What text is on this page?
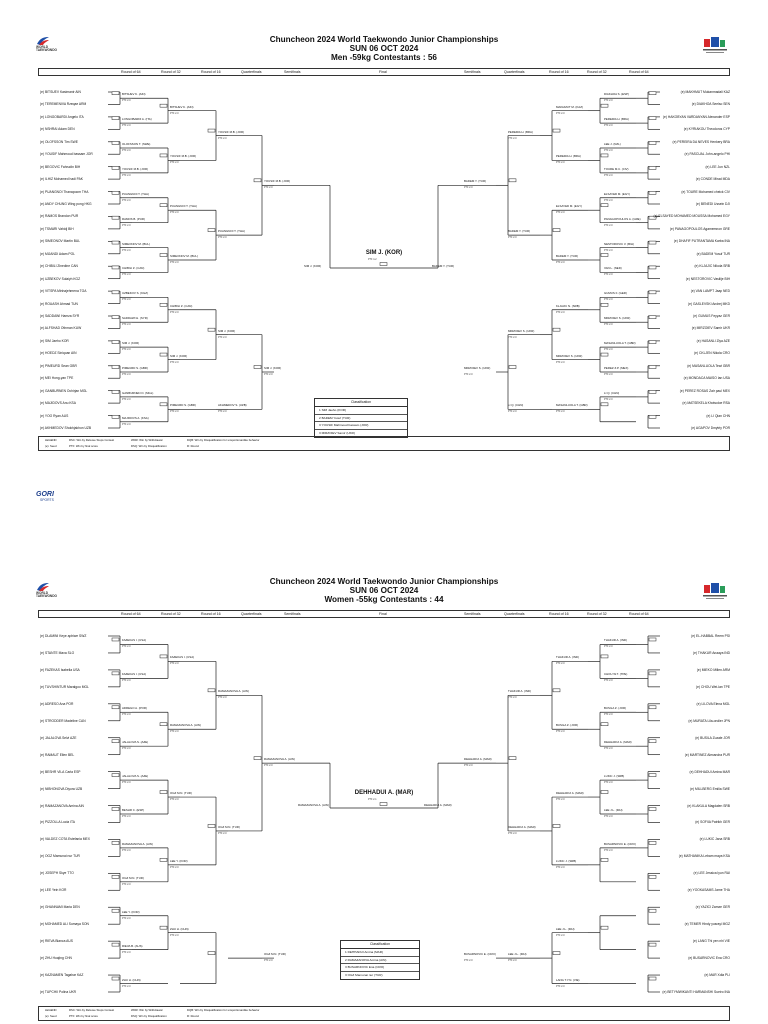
WORLD
TAEKWONDO
Chuncheon 2024 World Taekwondo Junior Championships
SUN 06 OCT 2024
Men -59kg Contestants : 56
Round of 64	Round of 32	Round of 16	Quarterfinals	Semifinals	Final	Semifinals	Quarterfinals	Round of 16	Round of 32	Round of 64
(e) BITSUEV Kasimanir AIN
(e) TEREMENIVA Rzeqae ARM
(e) LONGOBARDI Angelo ITA
(e) NSHRAI Adam DEN
(e) OLOFSSON Tim SWE
(e) YOUSIF Mahmoud bassam JOR
(e) BEGOVIC Fahrudin BIH
(e) ILHIZ Mohamed hadi PAK
(e) PUANGNOI Thanapoom THA
(e) ANDY CHUNG Wing pong HKG
(e) RAMOS Brandon PUR
(e) TSMARI Vahidj BIH
(e) SIMEONOV Martin BUL
(e) MIJANDI Adam POL
(e) CHIBILI Zinedine CAN
(e) UZBEKOV Sulaiyh KGZ
(e) VITSPA Minhajehmena TGA
(e) ROUASH Ahmad TUN
(e) SADDAWI Hamza SYR
(e) ALFSHAD Othman KUW
(e) SIM Jaeho KOR
(e) HOEDZ Siniqoan AIN
(e) PIMEURD Sean GBR
(e) MEI Hong-yan TPE
(e) GANBURNEN Ochirjan MGL
(e) MAJIDOVS Anu KSA
(e) YOO Ryan AUS
(e) AKHMEDOV Shokhjakhon UZB
(e) MAKHMUT Mukanmadali KAZ
(e) DIAKHOA Seelso SEN
(e) HAKOBYAN VARDANYAN Alexander ESP
(e) KYRIAKOU Theodoros CYP
(e) PEREIRA DA NEVES Henkery BRA
(e) PASCUAL John-angelo PHI
(e) LEE Jun NZL
(e) CONDE Mirad MDA
(e) TOURE Mohamed cheick CIV
(e) BENEDI Ussein DJI
(e) ELSAYED MOHAMED MOUSSA Mohamed EGY
(e) PANAGOPOULOS Agamemnon GRE
(e) DHAFIF PUTRANTAMA Karba INA
(e) BADEM Yusuf TUR
(e) KLJAJIC Nikola SRB
(e) NESTOROVIC Vasilije BIH
(e) VAN LAMPT Jaap NED
(e) GASLEVSKI Andrej MKD
(e) GUMUS Feyyaz GER
(e) MIRZOIEV Samir UKR
(e) HASANLI Ziya AZE
(e) CKLJEN Nikola CRO
(e) MASANLUOLA Tewi GBR
(e) MONDACA MAISO Ian USA
(e) PEREZ ROSAS Zair paul MEX
(e) MATSEKELA Khotsoloe RSA
(e) LI Qian CHN
(e) AGAPOV Dmytriy POR
BITSUEV K. (AIN)
PTF 2-0
LONGOBARDI A. (ITA)
PTF 2-0
OLOFSSON T. (SWE)
PTF 2-0
YOUSIF M.B. (JOR)
PTF 2-0
PUANGNOI T. (THA)
PTF 2-0
RAMOS B. (PUR)
PTF 2-0
SIMEONOV M. (BUL)
PTF 2-0
CHIBILI Z. (CAN)
PTF 2-0
UZBEKOV S. (KGZ)
PTF 2-0
SADDAWI H. (SYR)
PTF 2-0
SIM J. (KOR)
PTF 2-0
PIMEURD S. (GBR)
PTF 2-0
GANBURNEN O. (MGL)
PTF 2-0
MAJIDOVS A. (KSA)
PTF 2-0
BITSUEV K. (AIN)
PTF 2-0
YOUSIF M.B. (JOR)
PTF 2-0
PUANGNOI T. (THA)
PTF 2-0
SIMEONOV M. (BUL)
PTF 2-0
CHIBILI Z. (CAN)
PTF 2-0
SIM J. (KOR)
PTF 2-0
PIMEURD S. (GBR)
PTF 2-0
YOUSIF M.B. (JOR)
PTF 2-0
PUANGNOI T. (THA)
PTF 2-0
SIM J. (KOR)
PTF 2-0
AKHMEDOV S. (UZB)
PTF 2-0
YOUSIF M.B. (JOR)
PTF 2-0
SIM J. (KOR)
PTF 2-0
DIAKHOA S. (ESP)
PTF 2-0
PEREIRA H. (BRA)
PTF 2-0
LEE J. (NZL)
PTF 2-0
TOURE M.C. (CIV)
PTF 2-0
ELSAYED M. (EGY)
PTF 2-0
PANAGOPOULOS A. (GRE)
PTF 2-0
NESTOROVIC V. (BIH)
PTF 2-0
VAN L. (NED)
PTF 2-0
GUMUS F. (GER)
PTF 2-0
MIRZOIEV S. (UKR)
PTF 2-0
MASANLUOLA T. (GBR)
PTF 2-0
PEREZ Z.P. (MEX)
PTF 2-0
LI Q. (CHN)
PTF 2-0
MAKHMUT M. (KAZ)
PTF 2-0
PEREIRA H. (BRA)
PTF 2-0
ELSAYED M. (EGY)
PTF 2-0
BADEM Y. (TUR)
PTF 2-0
KLJAJIC N. (SRB)
PTF 2-0
MIRZOIEV S. (UKR)
PTF 2-0
MASANLUOLA T. (GBR)
PTF 2-0
PEREIRA H. (BRA)
PTF 2-0
BADEM Y. (TUR)
PTF 2-0
MIRZOIEV S. (UKR)
PTF 2-0
LI Q. (CHN)
PTF 2-0
BADEM Y. (TUR)
PTF 2-0
MIRZOIEV S. (UKR)
PTF 2-0
SIM J. (KOR)
SIM J. (KOR)	BADEM Y. (TUR)
PTF 4-2
Classification
1 SIM Jaeho (KOR)
2 BADEM Yusuf (TUR)
3 YOUSIF Mahmoud bassam (JOR)
3 MIRZOIEV Samir (UKR)
LEGEND
(e): Seed
RSC: Win by Referee Stops Contest
PTF: Win by final score
WDR: Win by Withdrawal
DSQ: Win by Disqualification
DQB: Win by Disqualification for unsportsmanlike behavior
R: Round
GORI
SPORTS
WORLD
TAEKWONDO
Chuncheon 2024 World Taekwondo Junior Championships
SUN 06 OCT 2024
Women -55kg Contestants : 44
Round of 64	Round of 32	Round of 16	Quarterfinals	Semifinals	Final	Semifinals	Quarterfinals	Round of 16	Round of 32	Round of 64
(e) DLAMINI Keye aphiwe SWZ
(e) STANTE Maxa SLO
(e) FAZEKAS Isabella USA
(e) TUVSHINTUR Maralgoo MGL
(e) ADRESO Ana POR
(e) STRODDER Madeline CAN
(e) JALALOVA Selvi AZE
(e) RAMAUT Ellen BEL
(e) BESHR VILA Carla ESP
(e) NIBHONOVA Diyora UZB
(e) RAMAZANOVA Amina AIN
(e) PIZZOLLA Lucia ITA
(e) VALDEZ COTA Estefania MEX
(e) OGZ Mamunai nur TUR
(e) JOSEPH Skye TTO
(e) LEE Yein KOR
(e) GHANNAMI Maria DEN
(e) MOHAMED ALI Sumaya SON
(e) RIEVA Bianca AUS
(e) ZHU Huajing CHN
(e) KAZNAMEN Tagahar KAZ
(e) TUPCHII Polina UKR
(e) EL-HABBAL Reem PSI
(e) THAKUR Anaaya IND
(e) MIEKO Millen ARM
(e) CHOU Wei-lan TPE
(e) LILOVA Elena MGL
(e) MURATA Lila-ondier JPN
(e) BUSILA Zuzale JOR
(e) MARTINEZ Alexandra PUR
(e) DEHHADUI Amina MAR
(e) MILLBERG Emilia SWE
(e) KLAKULA Magdalen SRB
(e) SOFIIA Patrikh GER
(e) LUKIC Jana SRB
(e) MATHANIKA Lebam maya KSA
(e) LEE Jessica lyun RAI
(e) YOOKASAMS Jame THA
(e) YAZICI Zamze GER
(e) TEMER Hindy yusrayi MGZ
(e) LANG Thi yen nhi VIE
(e) BUSARNOVIC Ena CRO
(e) MAR Xdia PLI
(e) BETYMWIKANTI HARMANSHI Sueiro INA
FAZEKAS I. (USA)
PTF 2-0
FAZEKAS I. (USA)
PTF 2-0
ADREGO A. (POR)
PTF 2-0
JALALOVA S. (AZE)
PTF 2-0
JALALOVA S. (AZE)
PTF 2-0
BESHR C. (ESP)
PTF 2-0
RAMAZANOVA A. (AIN)
PTF 2-0
OGZ M.N. (TUR)
PTF 2-0
LEE Y. (KOR)
PTF 2-0
RIEVA B. (AUS)
PTF 2-0
ZHU H. (CHN)
PTF 2-0
FAZEKAS I. (USA)
PTF 2-0
RAMAZANOVA A. (AIN)
PTF 2-0
OGZ M.N. (TUR)
PTF 2-0
LEE Y. (KOR)
PTF 2-0
ZHU H. (CHN)
PTF 2-0
RAMAZANOVA A. (AIN)
PTF 2-0
OGZ M.N. (TUR)
PTF 2-0
RAMAZANOVA A. (AIN)
PTF 2-0
OGZ M.N. (TUR)
PTF 2-0
THAKUR A. (IND)
PTF 2-0
CHOU W.T. (TPE)
PTF 2-0
BUSILA Z. (JOR)
PTF 2-0
DEHHADUI A. (MAR)
PTF 2-0
LUKIC J. (SRB)
PTF 2-0
LEE J.L. (RAI)
PTF 2-0
BUSARNOVIC E. (CRO)
PTF 2-0
THAKUR A. (IND)
PTF 2-0
BUSILA Z. (JOR)
PTF 2-0
DEHHADUI A. (MAR)
PTF 2-0
LUKIC J. (SRB)
PTF 2-0
LEE J.L. (RAI)
PTF 2-0
LANG T.Y.N. (VIE)
PTF 2-0
THAKUR A. (IND)
PTF 2-0
DEHHADUI A. (MAR)
PTF 2-0
LEE J.L. (RAI)
PTF 2-0
DEHHADUI A. (MAR)
PTF 2-0
BUSARNOVIC E. (CRO)
PTF 2-0
DEHHADUI A. (MAR)
RAMAZANOVA A. (AIN)	DEHHADUI A. (MAR)
PTF 2-1
Classification
1 DEHHADUI Amina (MAR)
2 RAMAZANOVA Amina (AIN)
3 BUSARNOVIC Ena (CRO)
3 OGZ Mamunai nur (TUR)
LEGEND
(e): Seed
RSC: Win by Referee Stops Contest
PTF: Win by final score
WDR: Win by Withdrawal
DSQ: Win by Disqualification
DQB: Win by Disqualification for unsportsmanlike behavior
R: Round
